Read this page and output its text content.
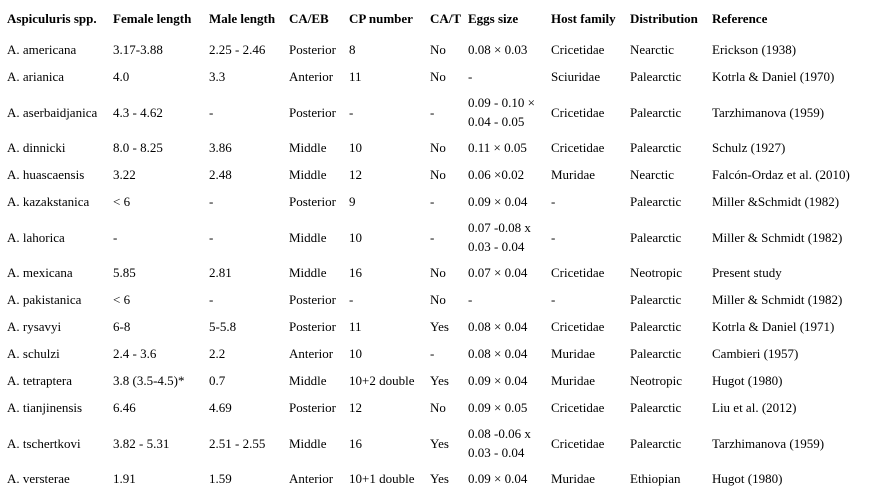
Aspiculuris spp.	Female length	Male length	CA/EB	CP number	CA/T	Eggs size	Host family	Distribution	Reference
A. americana	3.17-3.88	2.25 - 2.46	Posterior	8	No	0.08 × 0.03	Cricetidae	Nearctic	Erickson (1938)
A. arianica	4.0	3.3	Anterior	11	No	-	Sciuridae	Palearctic	Kotrla & Daniel (1970)
A. aserbaidjanica	4.3 - 4.62	-	Posterior	-	-	0.09 - 0.10 ×
0.04 - 0.05	Cricetidae	Palearctic	Tarzhimanova (1959)
A. dinnicki	8.0 - 8.25	3.86	Middle	10	No	0.11 × 0.05	Cricetidae	Palearctic	Schulz (1927)
A. huascaensis	3.22	2.48	Middle	12	No	0.06 ×0.02	Muridae	Nearctic	Falcón-Ordaz et al. (2010)
A. kazakstanica	< 6	-	Posterior	9	-	0.09 × 0.04	-	Palearctic	Miller &Schmidt (1982)
A. lahorica	-	-	Middle	10	-	0.07 -0.08 x
0.03 - 0.04	-	Palearctic	Miller & Schmidt (1982)
A. mexicana	5.85	2.81	Middle	16	No	0.07 × 0.04	Cricetidae	Neotropic	Present study
A. pakistanica	< 6	-	Posterior	-	No	-	-	Palearctic	Miller & Schmidt (1982)
A. rysavyi	6-8	5-5.8	Posterior	11	Yes	0.08 × 0.04	Cricetidae	Palearctic	Kotrla & Daniel (1971)
A. schulzi	2.4 - 3.6	2.2	Anterior	10	-	0.08 × 0.04	Muridae	Palearctic	Cambieri (1957)
A. tetraptera	3.8 (3.5-4.5)*	0.7	Middle	10+2 double	Yes	0.09 × 0.04	Muridae	Neotropic	Hugot (1980)
A. tianjinensis	6.46	4.69	Posterior	12	No	0.09 × 0.05	Cricetidae	Palearctic	Liu et al. (2012)
A. tschertkovi	3.82 - 5.31	2.51 - 2.55	Middle	16	Yes	0.08 -0.06 x
0.03 - 0.04	Cricetidae	Palearctic	Tarzhimanova (1959)
A. versterae	1.91	1.59	Anterior	10+1 double	Yes	0.09 × 0.04	Muridae	Ethiopian	Hugot (1980)
